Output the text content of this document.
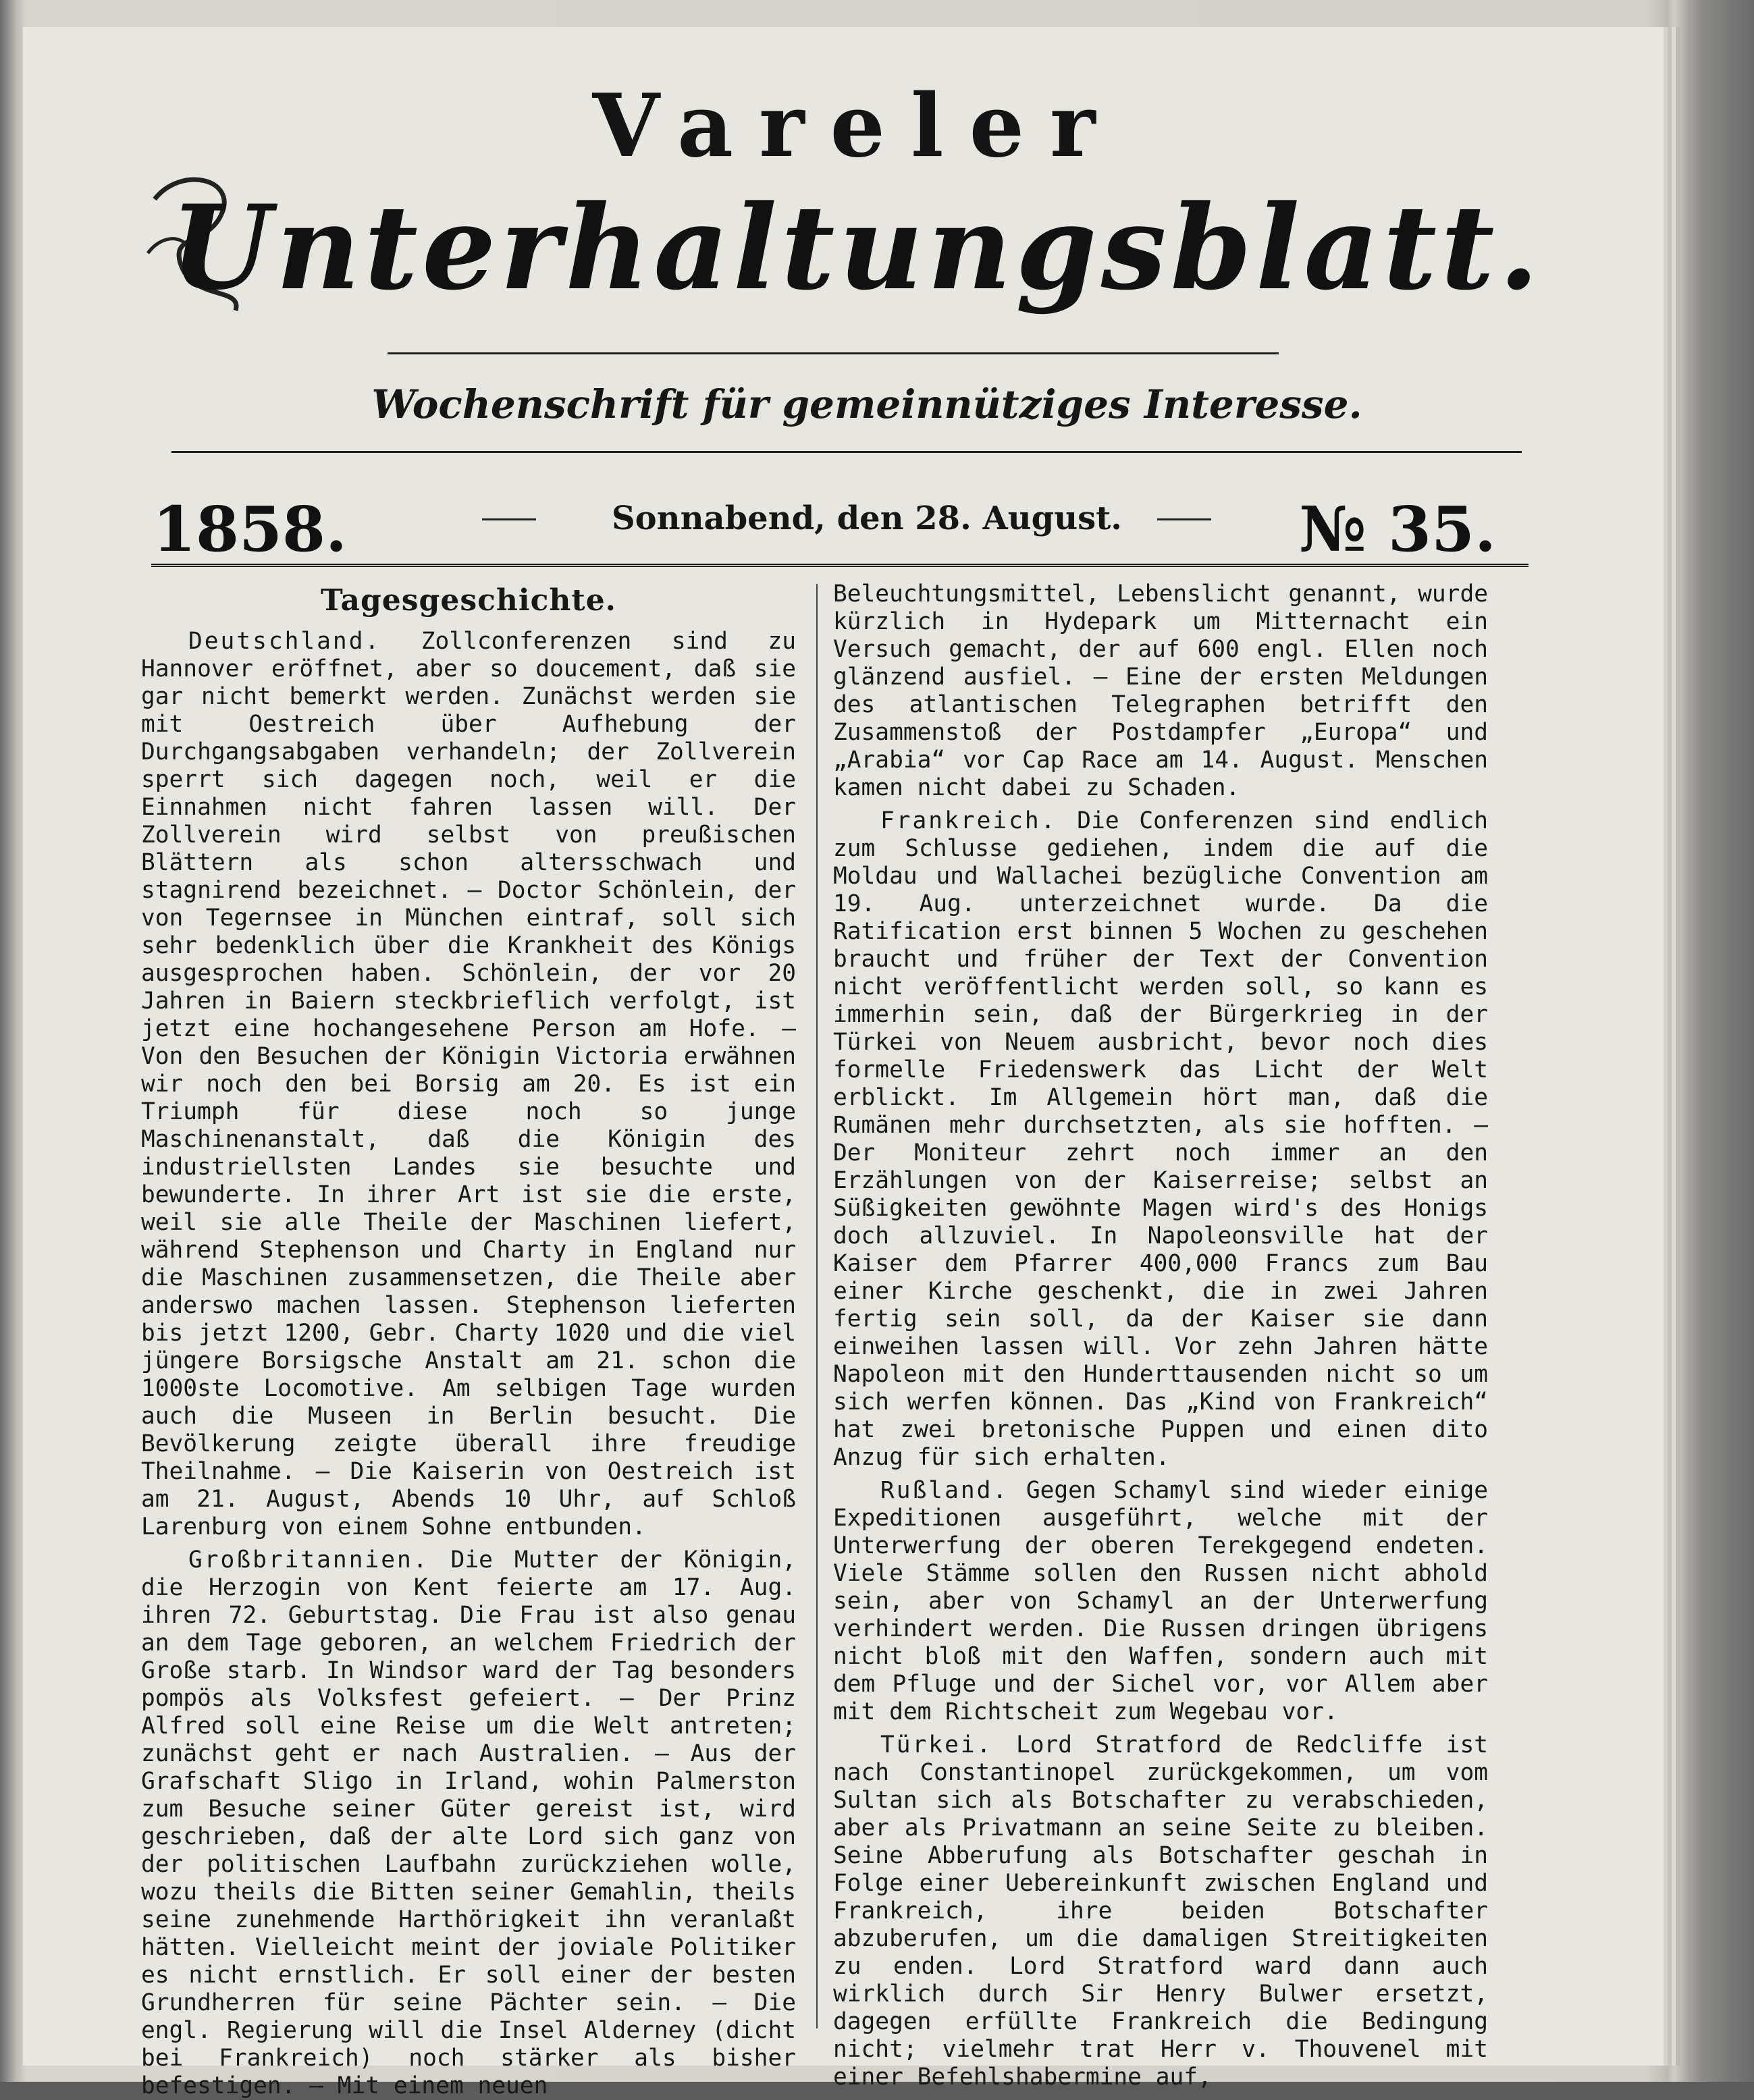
Vareler
Unterhaltungsblatt.
Wochenschrift für gemeinnütziges Interesse.
1858.	Sonnabend, den 28. August.	№ 35.
Tagesgeschichte.

Deutschland. Zollconferenzen sind zu Hannover eröffnet, aber so doucement, daß sie gar nicht bemerkt werden. Zunächst werden sie mit Oestreich über Aufhebung der Durchgangsabgaben verhandeln; der Zollverein sperrt sich dagegen noch, weil er die Einnahmen nicht fahren lassen will. Der Zollverein wird selbst von preußischen Blättern als schon altersschwach und stagnirend bezeichnet. — Doctor Schönlein, der von Tegernsee in München eintraf, soll sich sehr bedenklich über die Krankheit des Königs ausgesprochen haben. Schönlein, der vor 20 Jahren in Baiern steckbrieflich verfolgt, ist jetzt eine hochangesehene Person am Hofe. — Von den Besuchen der Königin Victoria erwähnen wir noch den bei Borsig am 20. Es ist ein Triumph für diese noch so junge Maschinenanstalt, daß die Königin des industriellsten Landes sie besuchte und bewunderte. In ihrer Art ist sie die erste, weil sie alle Theile der Maschinen liefert, während Stephenson und Charty in England nur die Maschinen zusammensetzen, die Theile aber anderswo machen lassen. Stephenson lieferten bis jetzt 1200, Gebr. Charty 1020 und die viel jüngere Borsigsche Anstalt am 21. schon die 1000ste Locomotive. Am selbigen Tage wurden auch die Museen in Berlin besucht. Die Bevölkerung zeigte überall ihre freudige Theilnahme. — Die Kaiserin von Oestreich ist am 21. August, Abends 10 Uhr, auf Schloß Larenburg von einem Sohne entbunden.

Großbritannien. Die Mutter der Königin, die Herzogin von Kent feierte am 17. Aug. ihren 72. Geburtstag. Die Frau ist also genau an dem Tage geboren, an welchem Friedrich der Große starb. In Windsor ward der Tag besonders pompös als Volksfest gefeiert. — Der Prinz Alfred soll eine Reise um die Welt antreten; zunächst geht er nach Australien. — Aus der Grafschaft Sligo in Irland, wohin Palmerston zum Besuche seiner Güter gereist ist, wird geschrieben, daß der alte Lord sich ganz von der politischen Laufbahn zurückziehen wolle, wozu theils die Bitten seiner Gemahlin, theils seine zunehmende Harthörigkeit ihn veranlaßt hätten. Vielleicht meint der joviale Politiker es nicht ernstlich. Er soll einer der besten Grundherren für seine Pächter sein. — Die engl. Regierung will die Insel Alderney (dicht bei Frankreich) noch stärker als bisher befestigen. — Mit einem neuen

Beleuchtungsmittel, Lebenslicht genannt, wurde kürzlich in Hydepark um Mitternacht ein Versuch gemacht, der auf 600 engl. Ellen noch glänzend ausfiel. — Eine der ersten Meldungen des atlantischen Telegraphen betrifft den Zusammenstoß der Postdampfer „Europa“ und „Arabia“ vor Cap Race am 14. August. Menschen kamen nicht dabei zu Schaden.

Frankreich. Die Conferenzen sind endlich zum Schlusse gediehen, indem die auf die Moldau und Wallachei bezügliche Convention am 19. Aug. unterzeichnet wurde. Da die Ratification erst binnen 5 Wochen zu geschehen braucht und früher der Text der Convention nicht veröffentlicht werden soll, so kann es immerhin sein, daß der Bürgerkrieg in der Türkei von Neuem ausbricht, bevor noch dies formelle Friedenswerk das Licht der Welt erblickt. Im Allgemein hört man, daß die Rumänen mehr durchsetzten, als sie hofften. — Der Moniteur zehrt noch immer an den Erzählungen von der Kaiserreise; selbst an Süßigkeiten gewöhnte Magen wird's des Honigs doch allzuviel. In Napoleonsville hat der Kaiser dem Pfarrer 400,000 Francs zum Bau einer Kirche geschenkt, die in zwei Jahren fertig sein soll, da der Kaiser sie dann einweihen lassen will. Vor zehn Jahren hätte Napoleon mit den Hunderttausenden nicht so um sich werfen können. Das „Kind von Frankreich“ hat zwei bretonische Puppen und einen dito Anzug für sich erhalten.

Rußland. Gegen Schamyl sind wieder einige Expeditionen ausgeführt, welche mit der Unterwerfung der oberen Terekgegend endeten. Viele Stämme sollen den Russen nicht abhold sein, aber von Schamyl an der Unterwerfung verhindert werden. Die Russen dringen übrigens nicht bloß mit den Waffen, sondern auch mit dem Pfluge und der Sichel vor, vor Allem aber mit dem Richtscheit zum Wegebau vor.

Türkei. Lord Stratford de Redcliffe ist nach Constantinopel zurückgekommen, um vom Sultan sich als Botschafter zu verabschieden, aber als Privatmann an seine Seite zu bleiben. Seine Abberufung als Botschafter geschah in Folge einer Uebereinkunft zwischen England und Frankreich, ihre beiden Botschafter abzuberufen, um die damaligen Streitigkeiten zu enden. Lord Stratford ward dann auch wirklich durch Sir Henry Bulwer ersetzt, dagegen erfüllte Frankreich die Bedingung nicht; vielmehr trat Herr v. Thouvenel mit einer Befehlshabermine auf,
